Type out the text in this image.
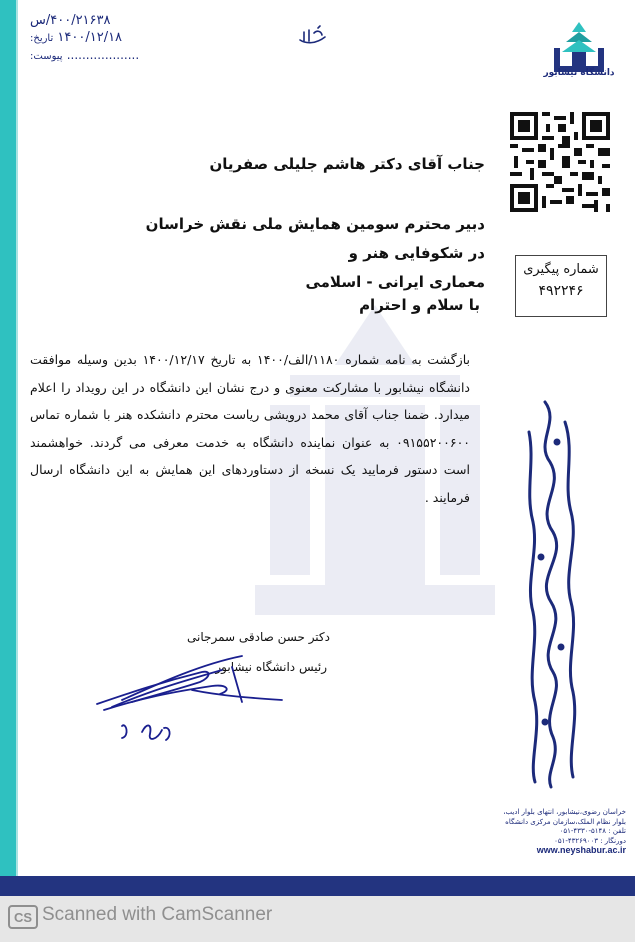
۴۰۰/۲۱۶۳۸/س
۱۴۰۰/۱۲/۱۸ تاریخ:
................... پیوست:
دانشگاه نیشابور
شماره پیگیری
۴۹۲۲۴۶
جناب آقای دکتر هاشم جلیلی صفریان
دبیر محترم سومین همایش ملی نقش خراسان در شکوفایی هنر و
معماری ایرانی - اسلامی
با سلام و احترام
بازگشت به نامه شماره ۱۱۸۰/الف/۱۴۰۰ به تاریخ ۱۴۰۰/۱۲/۱۷ بدین وسیله موافقت دانشگاه نیشابور با مشارکت معنوی و درج نشان این دانشگاه در این رویداد را اعلام میدارد. ضمنا جناب آقای محمد درویشی ریاست محترم دانشکده هنر با شماره تماس ۰۹۱۵۵۲۰۰۶۰۰ به عنوان نماینده دانشگاه به خدمت معرفی می گردند. خواهشمند است دستور فرمایید یک نسخه از دستاوردهای این همایش به این دانشگاه ارسال فرمایند .
دکتر حسن صادقی سمرجانی
رئیس دانشگاه نیشابور
خراسان رضوی،نیشابور، انتهای بلوار ادیب،
بلوار نظام الملک،سازمان مرکزی دانشگاه
تلفن : ۵۱۴۸-۴۳۳۰-۰۵۱
دورنگار : ۴۳۲۶۹۰۰۳-۰۵۱
www.neyshabur.ac.ir
CS Scanned with CamScanner
